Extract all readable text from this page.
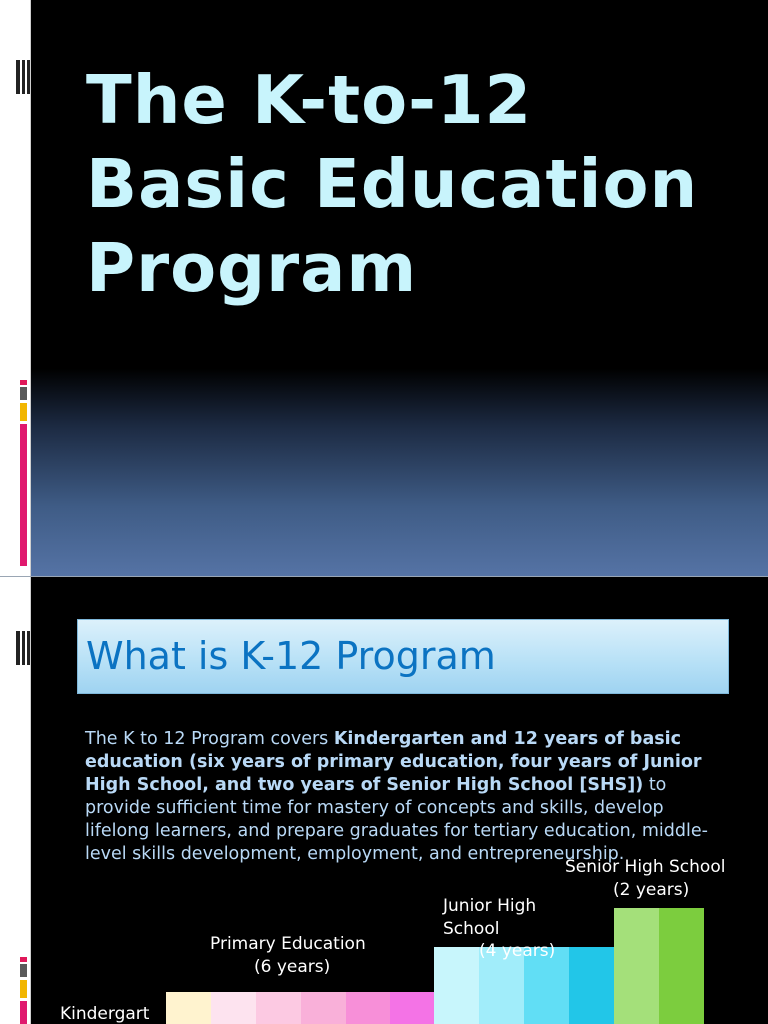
The K-to-12 Basic Education Program
What is K-12 Program

The K to 12 Program covers Kindergarten and 12 years of basic education (six years of primary education, four years of Junior High School, and two years of Senior High School [SHS]) to provide sufficient time for mastery of concepts and skills, develop lifelong learners, and prepare graduates for tertiary education, middle-level skills development, employment, and entrepreneurship.

Kindergart
Primary Education
(6 years)
Junior High
School
(4 years)
Senior High School
(2 years)
